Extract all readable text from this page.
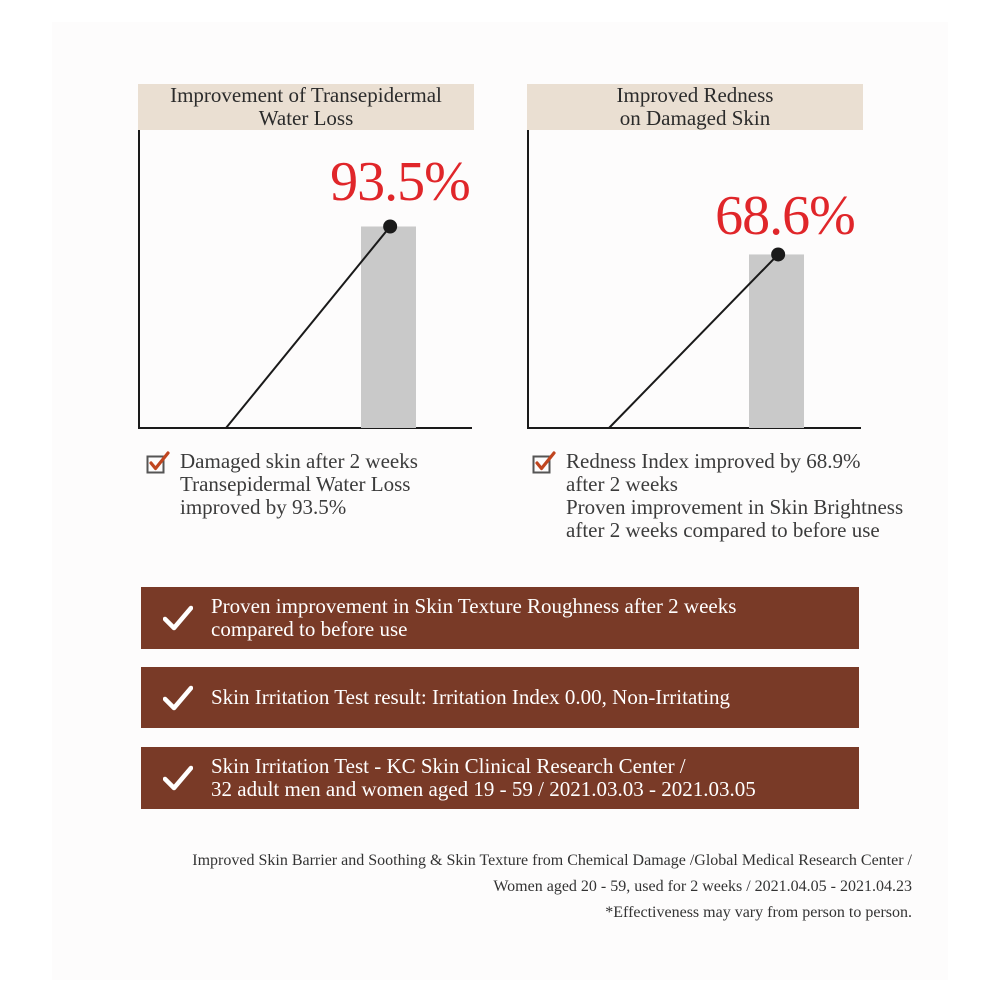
93.5%
Improvement of Transepidermal
Water Loss
68.6%
Improved Redness
on Damaged Skin
Damaged skin after 2 weeks
Transepidermal Water Loss
improved by 93.5%
Redness Index improved by 68.9%
after 2 weeks
Proven improvement in Skin Brightness
after 2 weeks compared to before use
Proven improvement in Skin Texture Roughness after 2 weeks
compared to before use
Skin Irritation Test result: Irritation Index 0.00, Non-Irritating
Skin Irritation Test - KC Skin Clinical Research Center /
32 adult men and women aged 19 - 59 / 2021.03.03 - 2021.03.05
Improved Skin Barrier and Soothing & Skin Texture from Chemical Damage /Global Medical Research Center /
Women aged 20 - 59, used for 2 weeks / 2021.04.05 - 2021.04.23
*Effectiveness may vary from person to person.
